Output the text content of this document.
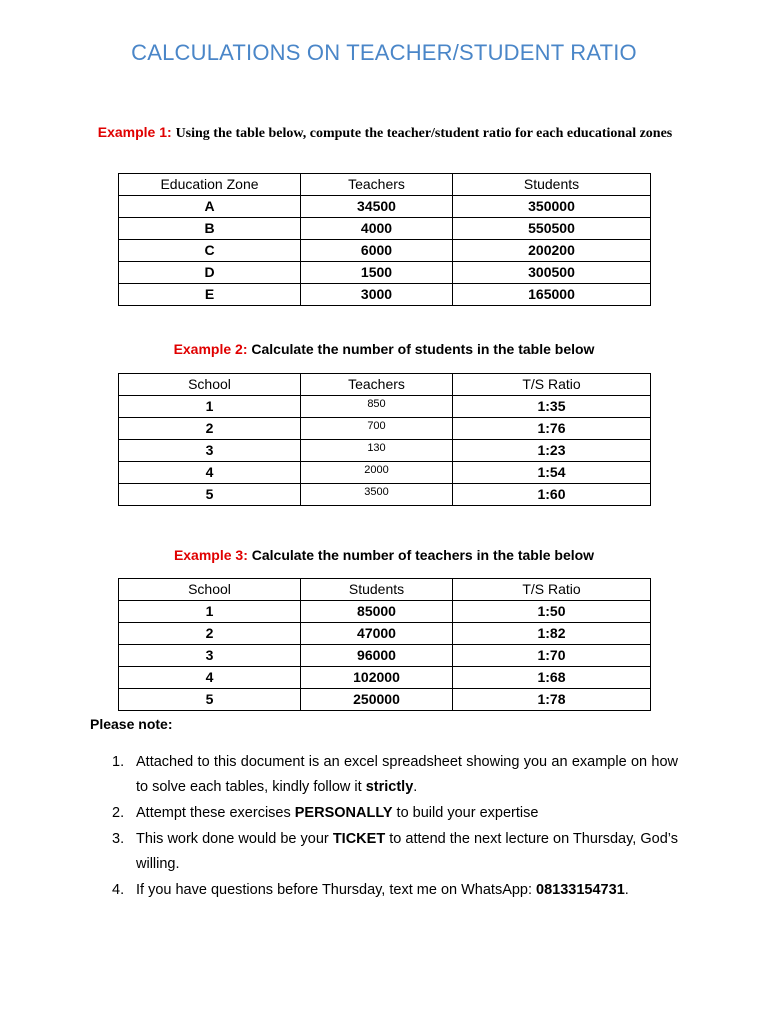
CALCULATIONS ON TEACHER/STUDENT RATIO
Example 1: Using the table below, compute the teacher/student ratio for each educational zones
Education Zone	Teachers	Students
A	34500	350000
B	4000	550500
C	6000	200200
D	1500	300500
E	3000	165000
Example 2: Calculate the number of students in the table below
School	Teachers	T/S Ratio
1	850	1:35
2	700	1:76
3	130	1:23
4	2000	1:54
5	3500	1:60
Example 3: Calculate the number of teachers in the table below
School	Students	T/S Ratio
1	85000	1:50
2	47000	1:82
3	96000	1:70
4	102000	1:68
5	250000	1:78
Please note:
1. Attached to this document is an excel spreadsheet showing you an example on how to solve each tables, kindly follow it strictly.
2. Attempt these exercises PERSONALLY to build your expertise
3. This work done would be your TICKET to attend the next lecture on Thursday, God’s willing.
4. If you have questions before Thursday, text me on WhatsApp: 08133154731.
